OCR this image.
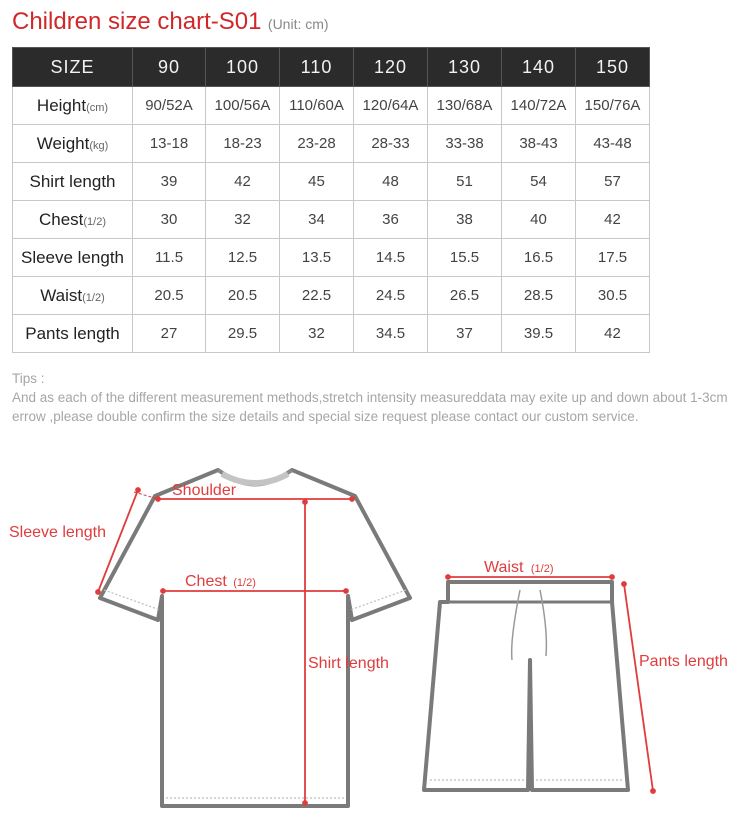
Children size chart-S01 (Unit: cm)
SIZE	90	100	110	120	130	140	150
Height(cm)	90/52A	100/56A	110/60A	120/64A	130/68A	140/72A	150/76A
Weight(kg)	13-18	18-23	23-28	28-33	33-38	38-43	43-48
Shirt length	39	42	45	48	51	54	57
Chest(1/2)	30	32	34	36	38	40	42
Sleeve length	11.5	12.5	13.5	14.5	15.5	16.5	17.5
Waist(1/2)	20.5	20.5	22.5	24.5	26.5	28.5	30.5
Pants length	27	29.5	32	34.5	37	39.5	42
Tips :
And as each of the different measurement methods,stretch intensity measureddata may exite up and down about 1-3cm errow ,please double confirm the size details and special size request please contact our custom service.
Shoulder
Sleeve length
Chest (1/2)
Shirt length
Waist (1/2)
Pants length
